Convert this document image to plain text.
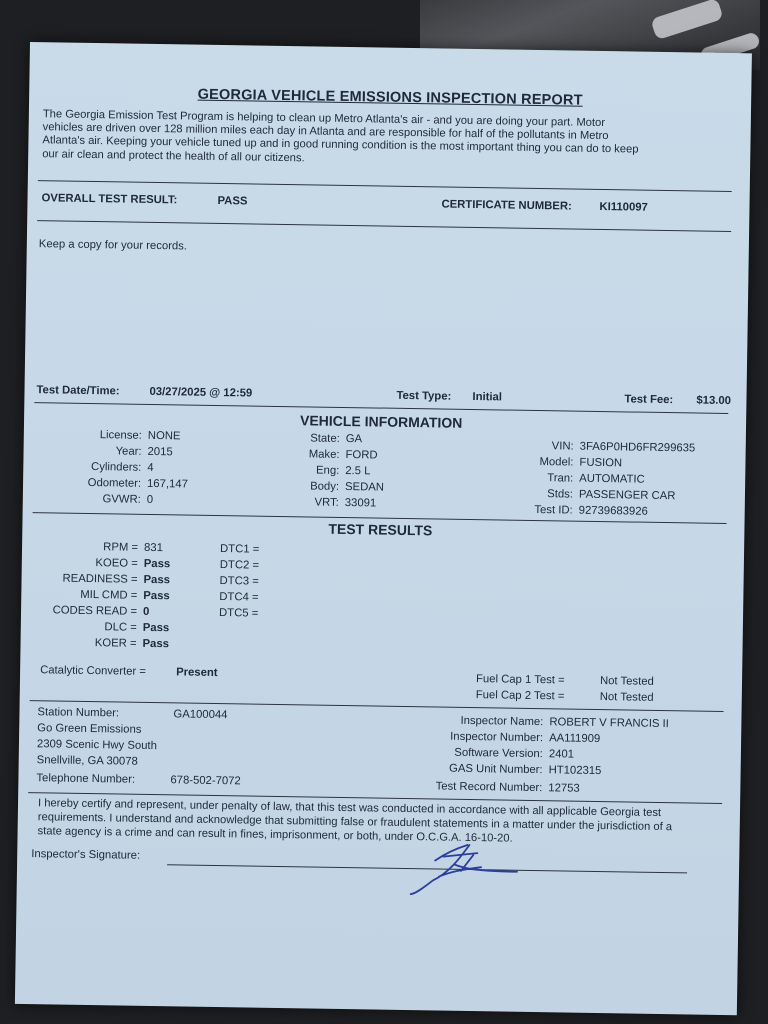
GEORGIA VEHICLE EMISSIONS INSPECTION REPORT
The Georgia Emission Test Program is helping to clean up Metro Atlanta's air - and you are doing your part. Motor vehicles are driven over 128 million miles each day in Atlanta and are responsible for half of the pollutants in Metro Atlanta's air. Keeping your vehicle tuned up and in good running condition is the most important thing you can do to keep our air clean and protect the health of all our citizens.
OVERALL TEST RESULT:	PASS	CERTIFICATE NUMBER: KI110097
Keep a copy for your records.
Test Date/Time:	03/27/2025 @ 12:59	Test Type: Initial	Test Fee: $13.00
VEHICLE INFORMATION
License: NONE
Year: 2015
Cylinders: 4
Odometer: 167,147
GVWR: 0
State: GA
Make: FORD
Eng: 2.5 L
Body: SEDAN
VRT: 33091
VIN: 3FA6P0HD6FR299635
Model: FUSION
Tran: AUTOMATIC
Stds: PASSENGER CAR
Test ID: 92739683926
TEST RESULTS
RPM = 831
KOEO = Pass
READINESS = Pass
MIL CMD = Pass
CODES READ = 0
DLC = Pass
KOER = Pass
DTC1 =
DTC2 =
DTC3 =
DTC4 =
DTC5 =
Catalytic Converter =	Present
Fuel Cap 1 Test =	Not Tested
Fuel Cap 2 Test =	Not Tested
Station Number:	GA100044
Go Green Emissions
2309 Scenic Hwy South
Snellville, GA 30078
Telephone Number:	678-502-7072
Inspector Name: ROBERT V FRANCIS II
Inspector Number: AA111909
Software Version: 2401
GAS Unit Number: HT102315
Test Record Number: 12753
I hereby certify and represent, under penalty of law, that this test was conducted in accordance with all applicable Georgia test requirements. I understand and acknowledge that submitting false or fraudulent statements in a matter under the jurisdiction of a state agency is a crime and can result in fines, imprisonment, or both, under O.C.G.A. 16-10-20.
Inspector's Signature:
